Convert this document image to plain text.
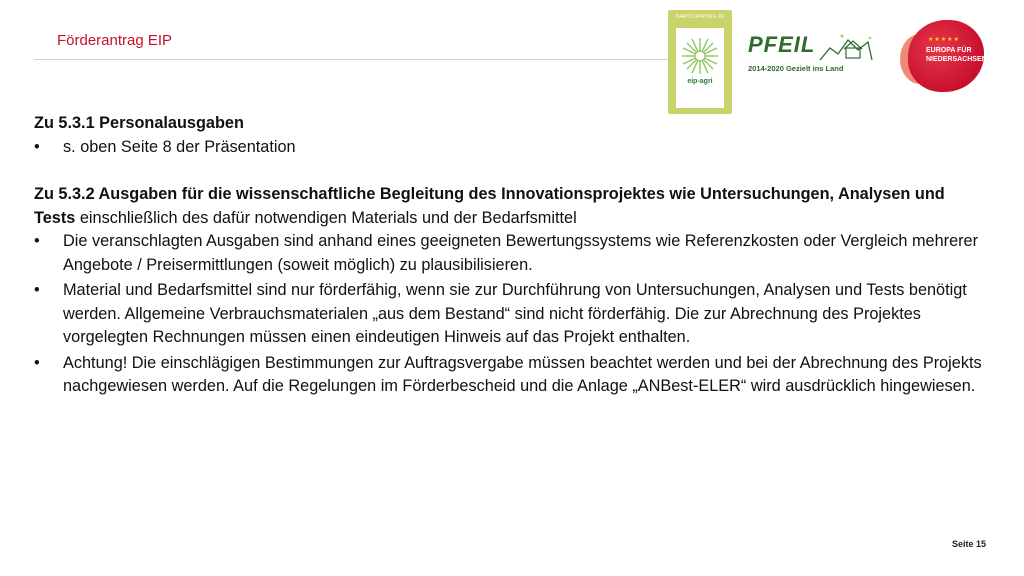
Förderantrag EIP
PARTICIPATING IN
eip-agri
PFEIL
2014-2020 Gezielt ins Land
★★★★★
EUROPA FÜR
NIEDERSACHSEN

Zu 5.3.1 Personalausgaben

•	s. oben Seite 8 der Präsentation

Zu 5.3.2 Ausgaben für die wissenschaftliche Begleitung des Innovationsprojektes wie Untersuchungen, Analysen und Tests einschließlich des dafür notwendigen Materials und der Bedarfsmittel

•	Die veranschlagten Ausgaben sind anhand eines geeigneten Bewertungssystems wie Referenzkosten oder Vergleich mehrerer Angebote / Preisermittlungen (soweit möglich) zu plausibilisieren.

•	Material und Bedarfsmittel sind nur förderfähig, wenn sie zur Durchführung von Untersuchungen, Analysen und Tests benötigt werden. Allgemeine Verbrauchsmaterialen „aus dem Bestand“ sind nicht förderfähig. Die zur Abrechnung des Projektes vorgelegten Rechnungen müssen einen eindeutigen Hinweis auf das Projekt enthalten.

•	Achtung! Die einschlägigen Bestimmungen zur Auftragsvergabe müssen beachtet werden und bei der Abrechnung des Projekts nachgewiesen werden. Auf die Regelungen im Förderbescheid und die Anlage „ANBest-ELER“ wird ausdrücklich hingewiesen.

Seite 15
